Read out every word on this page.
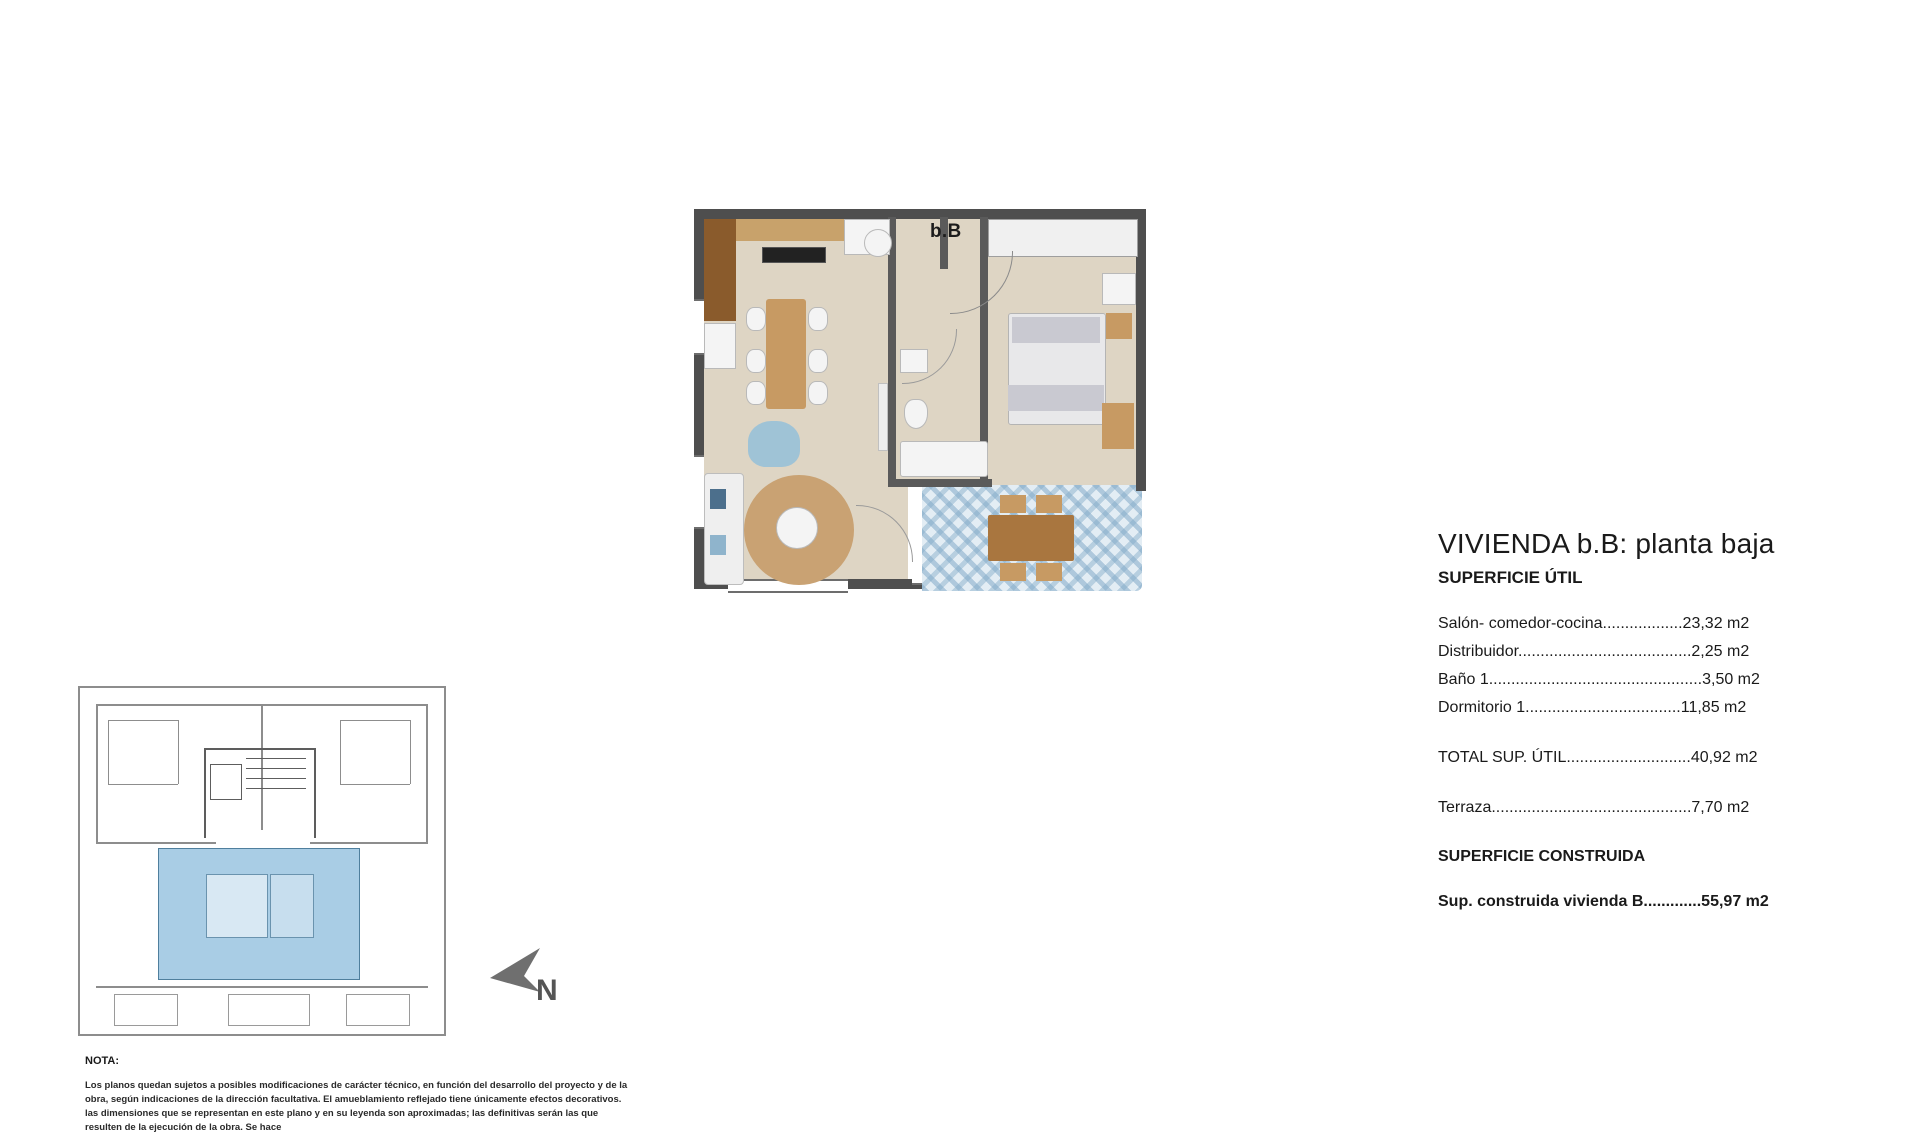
b.B
VIVIENDA b.B: planta baja
SUPERFICIE ÚTIL
Salón- comedor-cocina..................23,32 m2
Distribuidor.......................................2,25 m2
Baño 1................................................3,50 m2
Dormitorio 1...................................11,85 m2
TOTAL SUP. ÚTIL............................40,92 m2
Terraza.............................................7,70 m2
SUPERFICIE CONSTRUIDA
Sup. construida vivienda B.............55,97 m2
N
NOTA:
Los planos quedan sujetos a posibles modificaciones de carácter técnico, en función del desarrollo del proyecto y de la obra, según indicaciones de la dirección facultativa. El amueblamiento reflejado tiene únicamente efectos decorativos. las dimensiones que se representan en este plano y en su leyenda son aproximadas; las definitivas serán las que resulten de la ejecución de la obra. Se hace
